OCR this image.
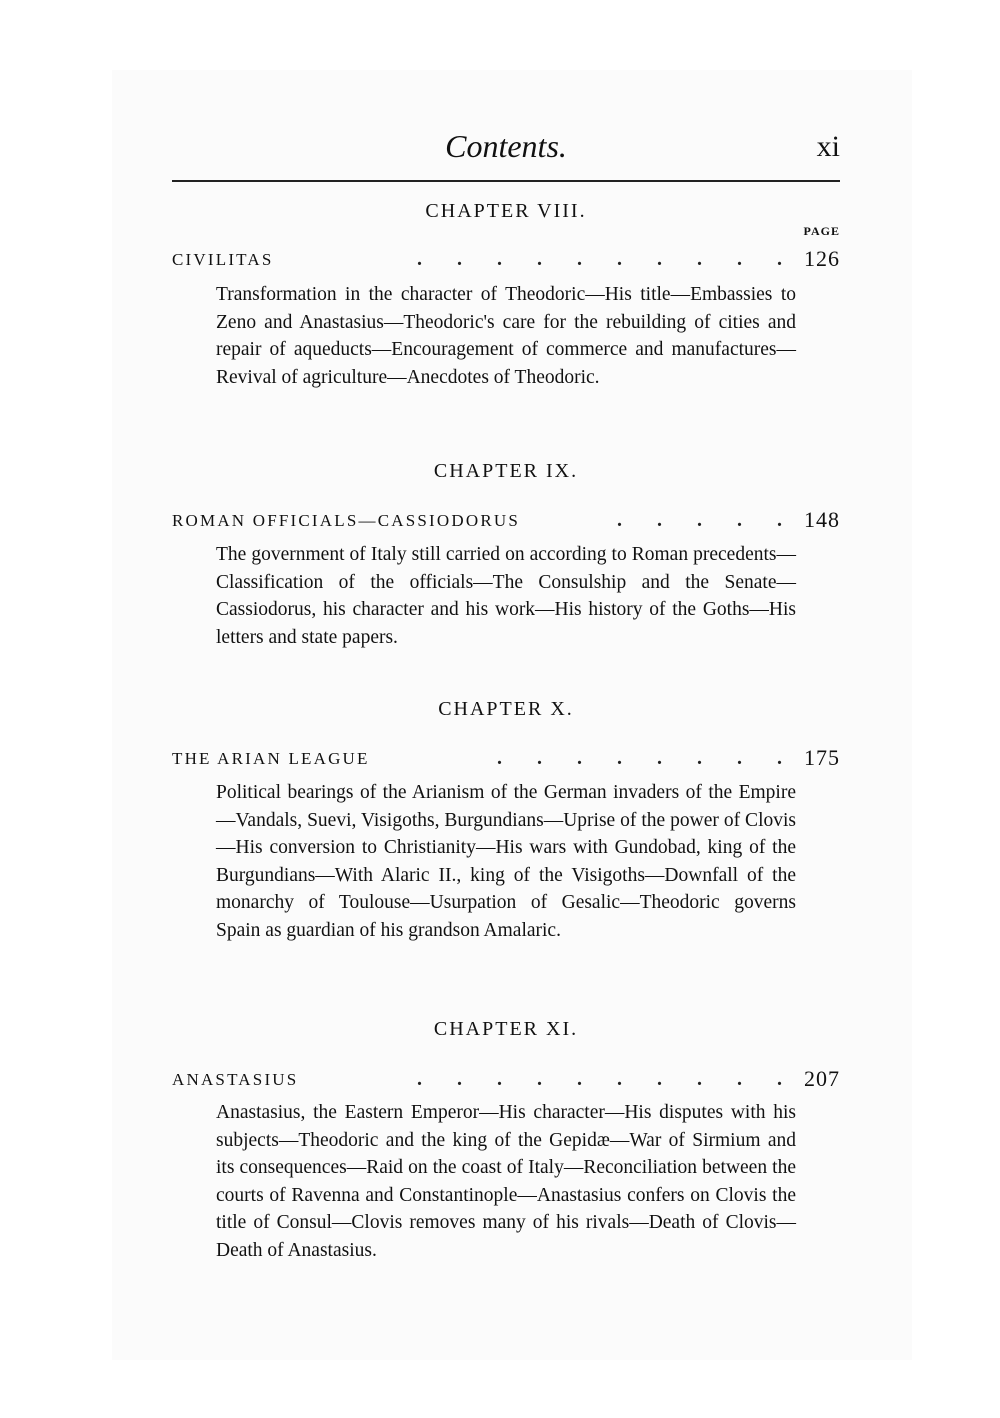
Contents.	xi
CHAPTER VIII.
PAGE
CIVILITAS	.       .       .       .       .       .       .       .       .       . 126

Transformation in the character of Theodoric—His title—Embassies to Zeno and Anastasius—Theodoric's care for the rebuilding of cities and repair of aqueducts—Encouragement of commerce and manufactures—Revival of agriculture—Anecdotes of Theodoric.

CHAPTER IX.
ROMAN OFFICIALS—CASSIODORUS	.       .       .       .       . 148

The government of Italy still carried on according to Roman precedents—Classification of the officials—The Consulship and the Senate—Cassiodorus, his character and his work—His history of the Goths—His letters and state papers.

CHAPTER X.
THE ARIAN LEAGUE	.       .       .       .       .       .       .       . 175

Political bearings of the Arianism of the German invaders of the Empire—Vandals, Suevi, Visigoths, Burgundians—Uprise of the power of Clovis—His conversion to Christianity—His wars with Gundobad, king of the Burgundians—With Alaric II., king of the Visigoths—Downfall of the monarchy of Toulouse—Usurpation of Gesalic—Theodoric governs Spain as guardian of his grandson Amalaric.

CHAPTER XI.
ANASTASIUS	.       .       .       .       .       .       .       .       .       . 207

Anastasius, the Eastern Emperor—His character—His disputes with his subjects—Theodoric and the king of the Gepidæ—War of Sirmium and its consequences—Raid on the coast of Italy—Reconciliation between the courts of Ravenna and Constantinople—Anastasius confers on Clovis the title of Consul—Clovis removes many of his rivals—Death of Clovis—Death of Anastasius.
